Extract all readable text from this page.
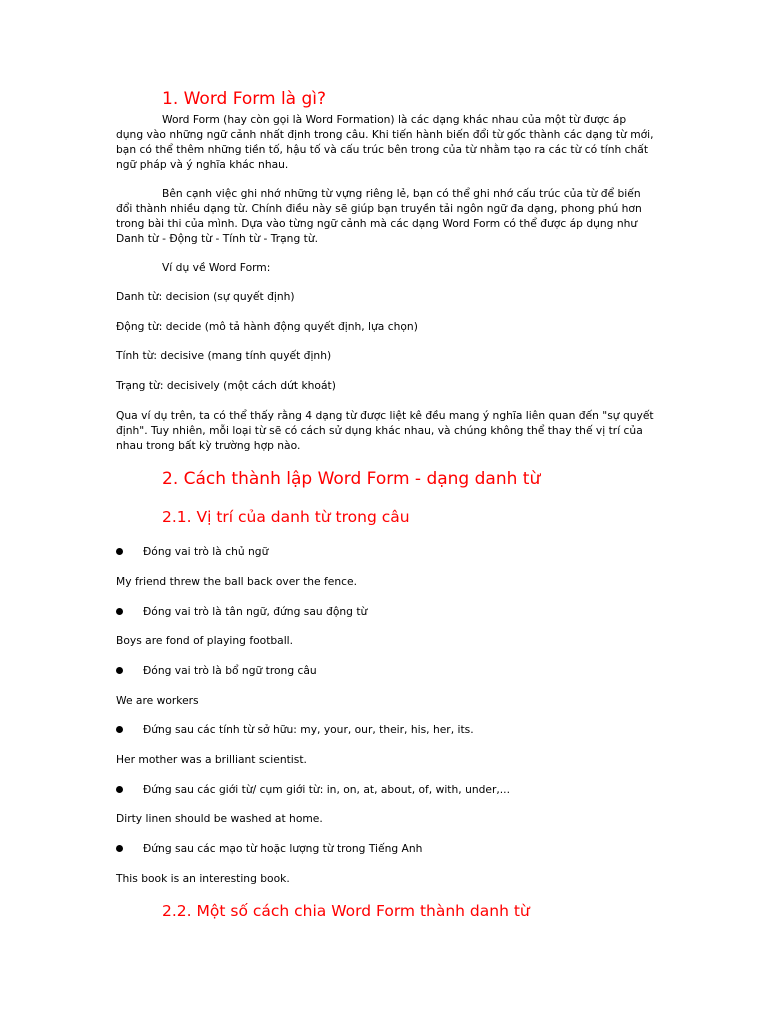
1. Word Form là gì?

Word Form (hay còn gọi là Word Formation) là các dạng khác nhau của một từ được áp dụng vào những ngữ cảnh nhất định trong câu. Khi tiến hành biến đổi từ gốc thành các dạng từ mới, bạn có thể thêm những tiền tố, hậu tố và cấu trúc bên trong của từ nhằm tạo ra các từ có tính chất ngữ pháp và ý nghĩa khác nhau.

Bên cạnh việc ghi nhớ những từ vựng riêng lẻ, bạn có thể ghi nhớ cấu trúc của từ để biến đổi thành nhiều dạng từ. Chính điều này sẽ giúp bạn truyền tải ngôn ngữ đa dạng, phong phú hơn trong bài thi của mình. Dựa vào từng ngữ cảnh mà các dạng Word Form có thể được áp dụng như Danh từ - Động từ - Tính từ - Trạng từ.

Ví dụ về Word Form:
Danh từ: decision (sự quyết định)
Động từ: decide (mô tả hành động quyết định, lựa chọn)
Tính từ: decisive (mang tính quyết định)
Trạng từ: decisively (một cách dứt khoát)

Qua ví dụ trên, ta có thể thấy rằng 4 dạng từ được liệt kê đều mang ý nghĩa liên quan đến "sự quyết định". Tuy nhiên, mỗi loại từ sẽ có cách sử dụng khác nhau, và chúng không thể thay thế vị trí của nhau trong bất kỳ trường hợp nào.

2. Cách thành lập Word Form - dạng danh từ
2.1. Vị trí của danh từ trong câu
Đóng vai trò là chủ ngữ
My friend threw the ball back over the fence.
Đóng vai trò là tân ngữ, đứng sau động từ
Boys are fond of playing football.
Đóng vai trò là bổ ngữ trong câu
We are workers
Đứng sau các tính từ sở hữu: my, your, our, their, his, her, its.
Her mother was a brilliant scientist.
Đứng sau các giới từ/ cụm giới từ: in, on, at, about, of, with, under,...
Dirty linen should be washed at home.
Đứng sau các mạo từ hoặc lượng từ trong Tiếng Anh
This book is an interesting book.
2.2. Một số cách chia Word Form thành danh từ
